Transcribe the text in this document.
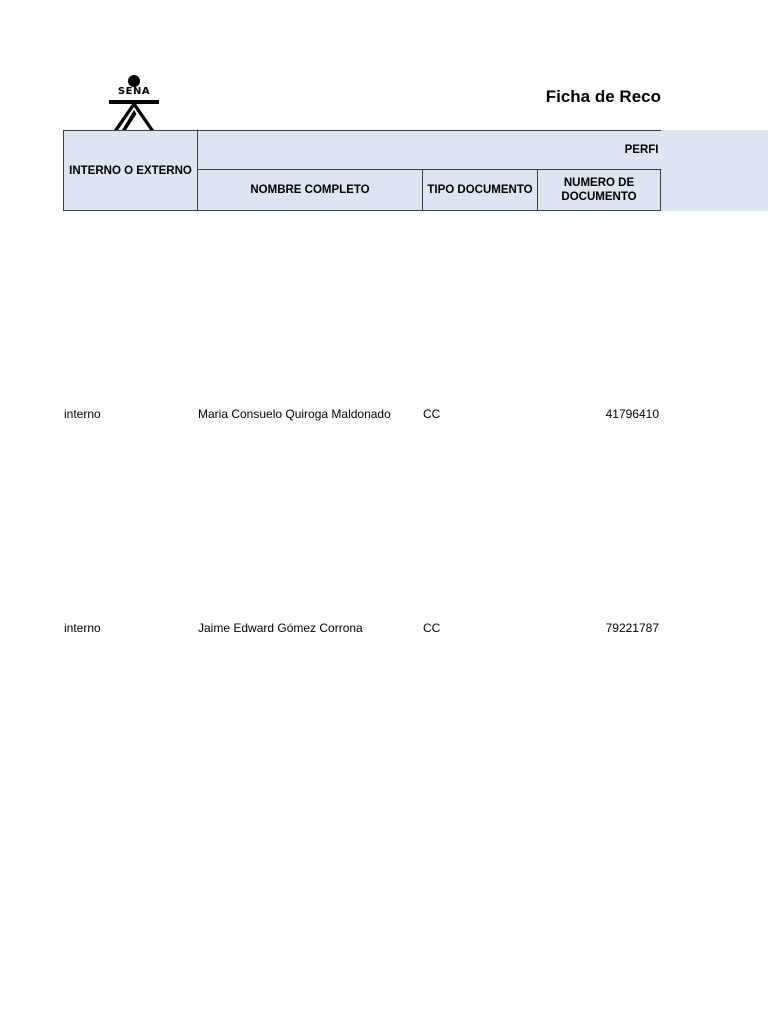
SENA	Ficha de Reco
INTERNO O EXTERNO	PERFI		
	NOMBRE COMPLETO	TIPO DOCUMENTO	NUMERO DE DOCUMENTO
interno	Maria Consuelo Quiroga Maldonado	CC	41796410
interno	Jaime Edward Gómez Corrona	CC	79221787
